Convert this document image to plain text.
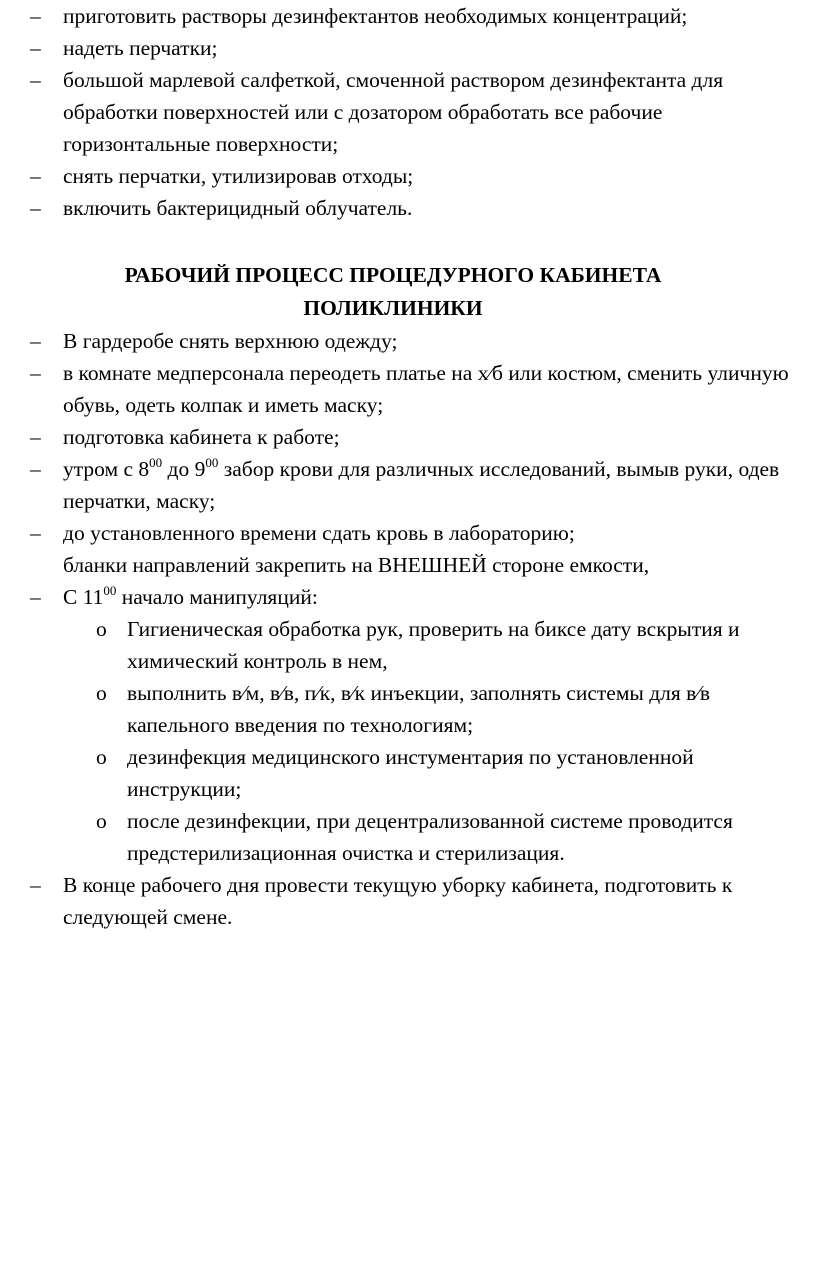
– приготовить растворы дезинфектантов необходимых концентраций;
– надеть перчатки;
– большой марлевой салфеткой, смоченной раствором дезинфектанта для обработки поверхностей или с дозатором обработать все рабочие горизонтальные поверхности;
– снять перчатки, утилизировав отходы;
– включить бактерицидный облучатель.
РАБОЧИЙ ПРОЦЕСС ПРОЦЕДУРНОГО КАБИНЕТА
ПОЛИКЛИНИКИ
– В гардеробе снять верхнюю одежду;
– в комнате медперсонала переодеть платье на х⁄б или костюм, сменить уличную обувь, одеть колпак и иметь маску;
– подготовка кабинета к работе;
– утром с $8^{00}$ до $9^{00}$ забор крови для различных исследований, вымыв руки, одев перчатки, маску;
– до установленного времени сдать кровь в лабораторию;
бланки направлений закрепить на ВНЕШНЕЙ стороне емкости,
– С $11^{00}$ начало манипуляций:
o Гигиеническая обработка рук, проверить на биксе дату вскрытия и химический контроль в нем,
o выполнить в⁄м, в⁄в, п⁄к, в⁄к инъекции, заполнять системы для в⁄в капельного введения по технологиям;
o дезинфекция медицинского инстументария по установленной инструкции;
o после дезинфекции, при децентрализованной системе проводится предстерилизационная очистка и стерилизация.
– В конце рабочего дня провести текущую уборку кабинета, подготовить к следующей смене.
